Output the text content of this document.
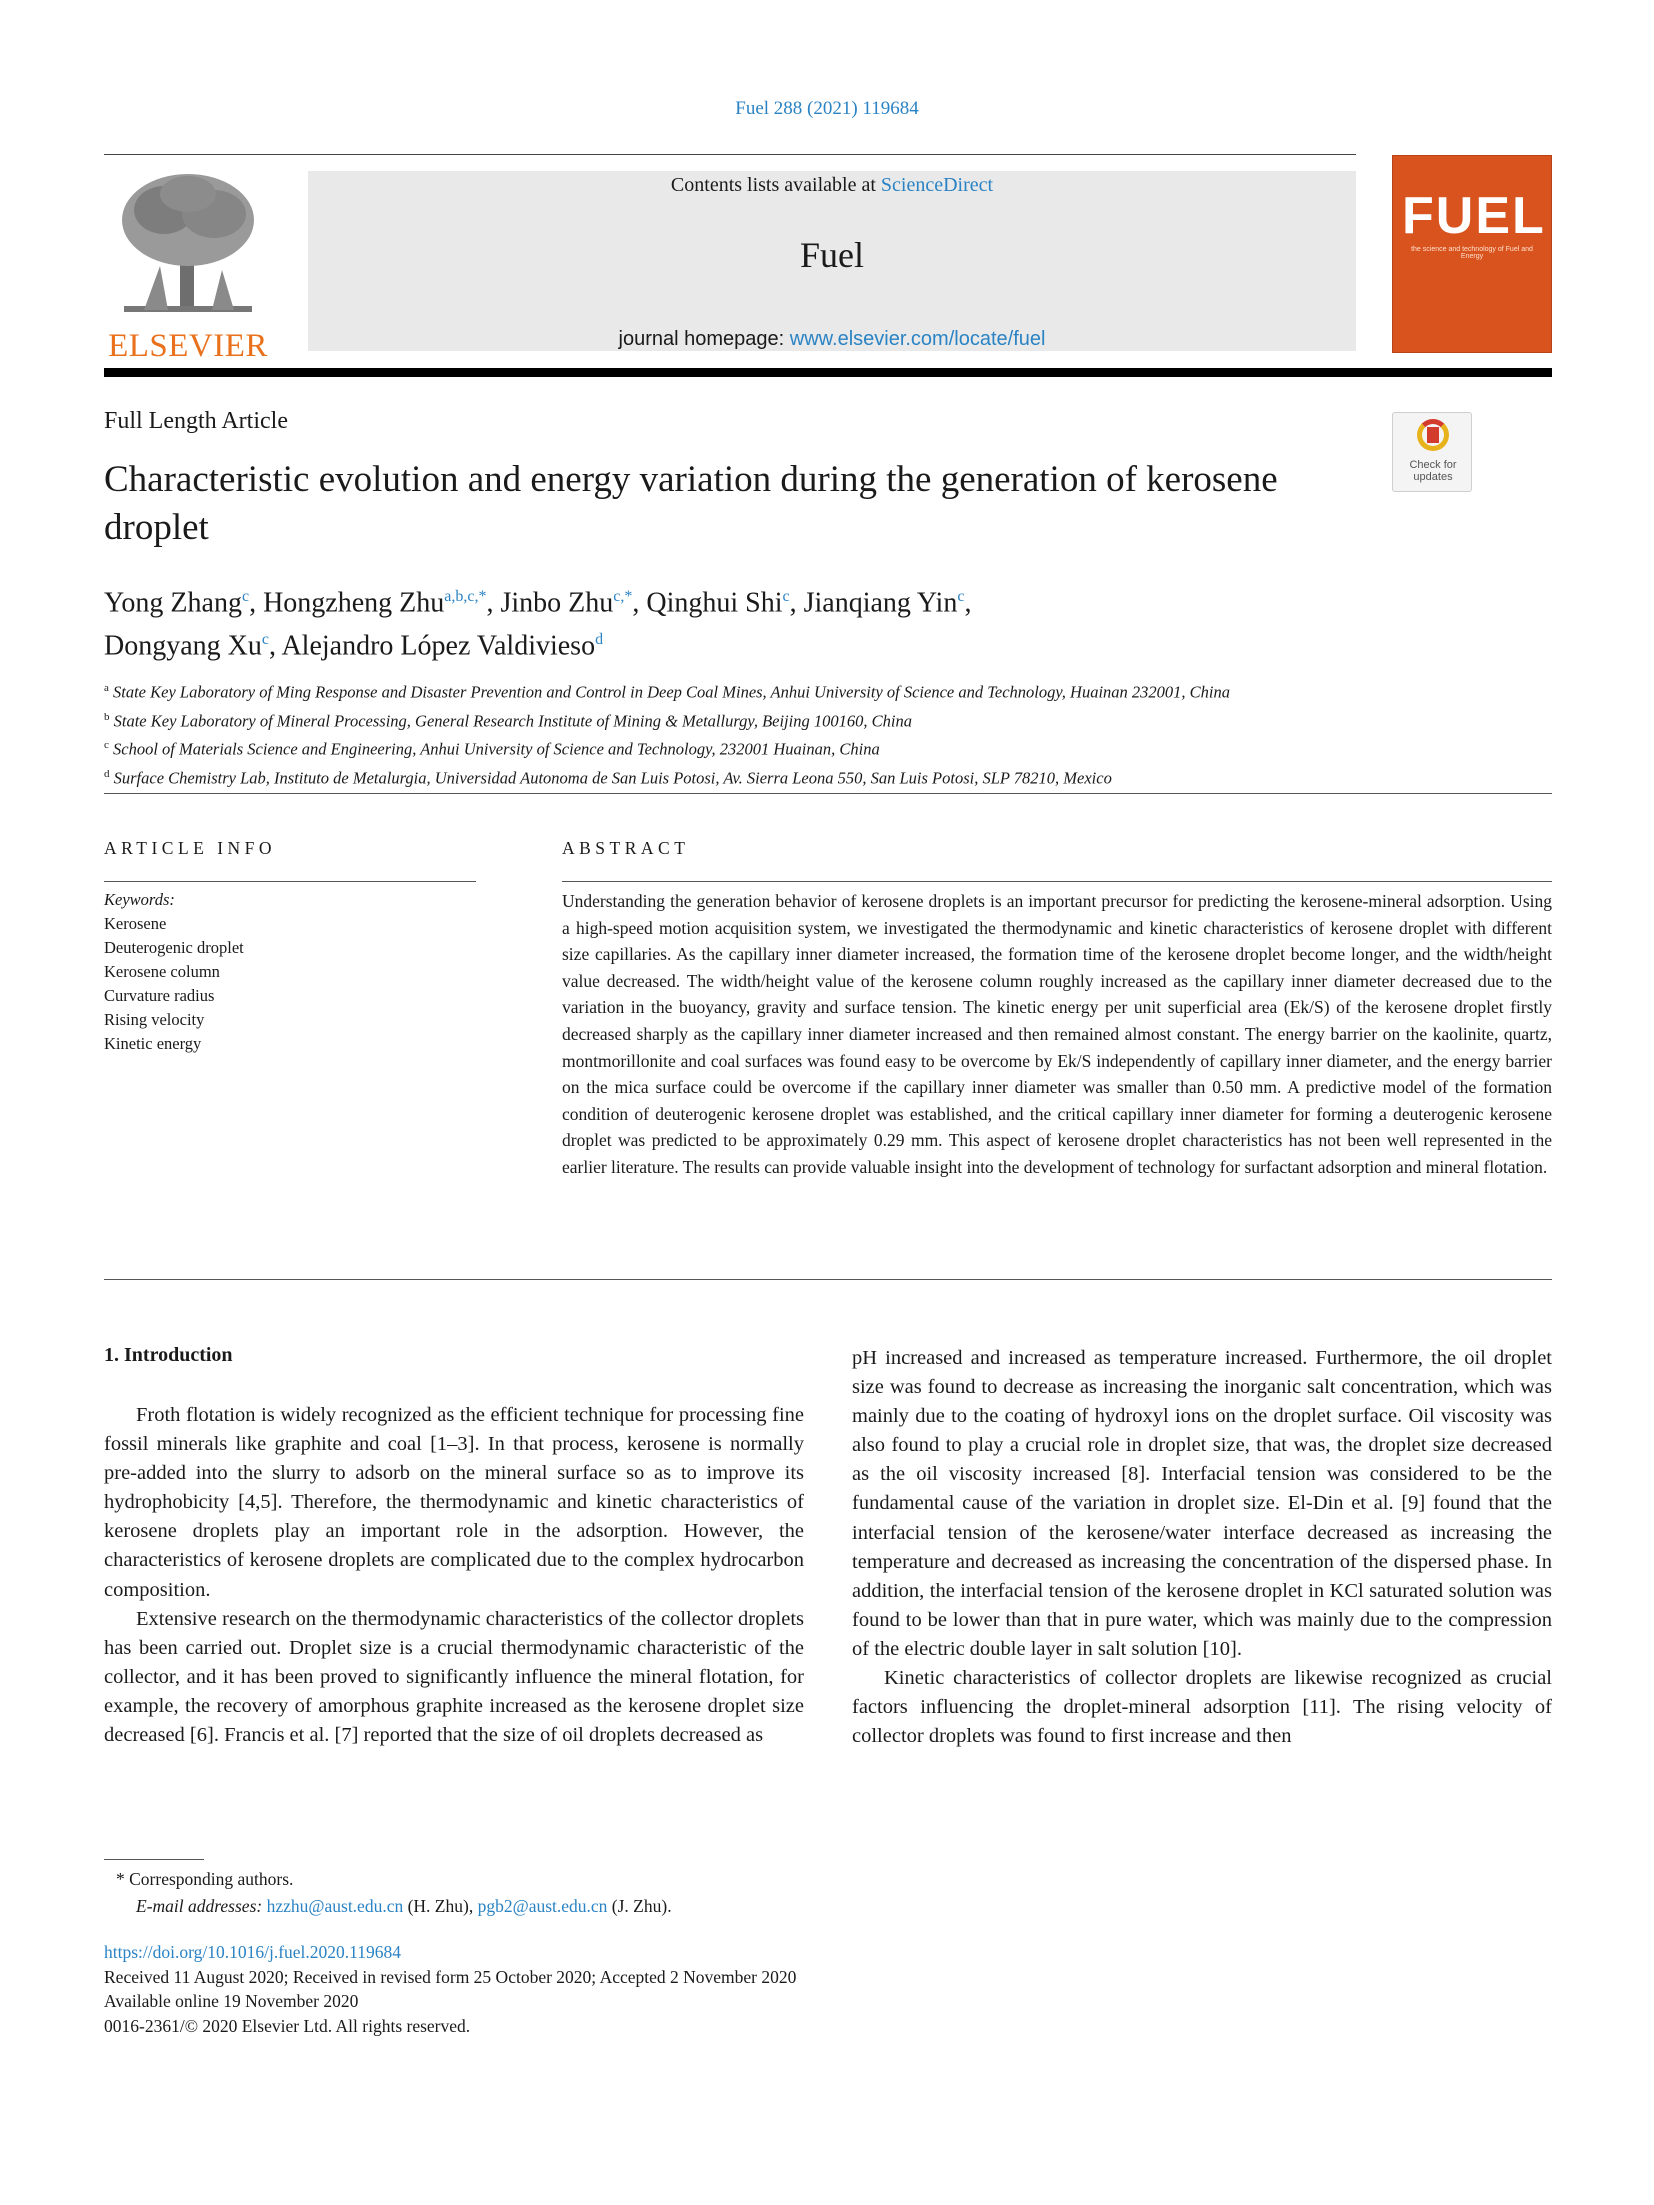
Fuel 288 (2021) 119684
ELSEVIER
Contents lists available at ScienceDirect
Fuel
journal homepage: www.elsevier.com/locate/fuel
FUEL
the science and technology of Fuel and Energy
Full Length Article
Check for updates
Characteristic evolution and energy variation during the generation of kerosene droplet
Yong Zhang$^c$, Hongzheng Zhu$^{a,b,c,*}$, Jinbo Zhu$^{c,*}$, Qinghui Shi$^c$, Jianqiang Yin$^c$,
Dongyang Xu$^c$, Alejandro López Valdivieso$^d$
$^a$ State Key Laboratory of Ming Response and Disaster Prevention and Control in Deep Coal Mines, Anhui University of Science and Technology, Huainan 232001, China
$^b$ State Key Laboratory of Mineral Processing, General Research Institute of Mining & Metallurgy, Beijing 100160, China
$^c$ School of Materials Science and Engineering, Anhui University of Science and Technology, 232001 Huainan, China
$^d$ Surface Chemistry Lab, Instituto de Metalurgia, Universidad Autonoma de San Luis Potosi, Av. Sierra Leona 550, San Luis Potosi, SLP 78210, Mexico
ARTICLE INFO	ABSTRACT
Keywords:
Kerosene
Deuterogenic droplet
Kerosene column
Curvature radius
Rising velocity
Kinetic energy
Understanding the generation behavior of kerosene droplets is an important precursor for predicting the kerosene-mineral adsorption. Using a high-speed motion acquisition system, we investigated the thermodynamic and kinetic characteristics of kerosene droplet with different size capillaries. As the capillary inner diameter increased, the formation time of the kerosene droplet become longer, and the width/height value decreased. The width/height value of the kerosene column roughly increased as the capillary inner diameter decreased due to the variation in the buoyancy, gravity and surface tension. The kinetic energy per unit superficial area (Ek/S) of the kerosene droplet firstly decreased sharply as the capillary inner diameter increased and then remained almost constant. The energy barrier on the kaolinite, quartz, montmorillonite and coal surfaces was found easy to be overcome by Ek/S independently of capillary inner diameter, and the energy barrier on the mica surface could be overcome if the capillary inner diameter was smaller than 0.50 mm. A predictive model of the formation condition of deuterogenic kerosene droplet was established, and the critical capillary inner diameter for forming a deuterogenic kerosene droplet was predicted to be approximately 0.29 mm. This aspect of kerosene droplet characteristics has not been well represented in the earlier literature. The results can provide valuable insight into the development of technology for surfactant adsorption and mineral flotation.
1. Introduction

Froth flotation is widely recognized as the efficient technique for processing fine fossil minerals like graphite and coal [1–3]. In that process, kerosene is normally pre-added into the slurry to adsorb on the mineral surface so as to improve its hydrophobicity [4,5]. Therefore, the thermodynamic and kinetic characteristics of kerosene droplets play an important role in the adsorption. However, the characteristics of kerosene droplets are complicated due to the complex hydrocarbon composition.

Extensive research on the thermodynamic characteristics of the collector droplets has been carried out. Droplet size is a crucial thermodynamic characteristic of the collector, and it has been proved to significantly influence the mineral flotation, for example, the recovery of amorphous graphite increased as the kerosene droplet size decreased [6]. Francis et al. [7] reported that the size of oil droplets decreased as

pH increased and increased as temperature increased. Furthermore, the oil droplet size was found to decrease as increasing the inorganic salt concentration, which was mainly due to the coating of hydroxyl ions on the droplet surface. Oil viscosity was also found to play a crucial role in droplet size, that was, the droplet size decreased as the oil viscosity increased [8]. Interfacial tension was considered to be the fundamental cause of the variation in droplet size. El-Din et al. [9] found that the interfacial tension of the kerosene/water interface decreased as increasing the temperature and decreased as increasing the concentration of the dispersed phase. In addition, the interfacial tension of the kerosene droplet in KCl saturated solution was found to be lower than that in pure water, which was mainly due to the compression of the electric double layer in salt solution [10].

Kinetic characteristics of collector droplets are likewise recognized as crucial factors influencing the droplet-mineral adsorption [11]. The rising velocity of collector droplets was found to first increase and then

* Corresponding authors.
E-mail addresses: hzzhu@aust.edu.cn (H. Zhu), pgb2@aust.edu.cn (J. Zhu).
https://doi.org/10.1016/j.fuel.2020.119684
Received 11 August 2020; Received in revised form 25 October 2020; Accepted 2 November 2020
Available online 19 November 2020
0016-2361/© 2020 Elsevier Ltd. All rights reserved.
